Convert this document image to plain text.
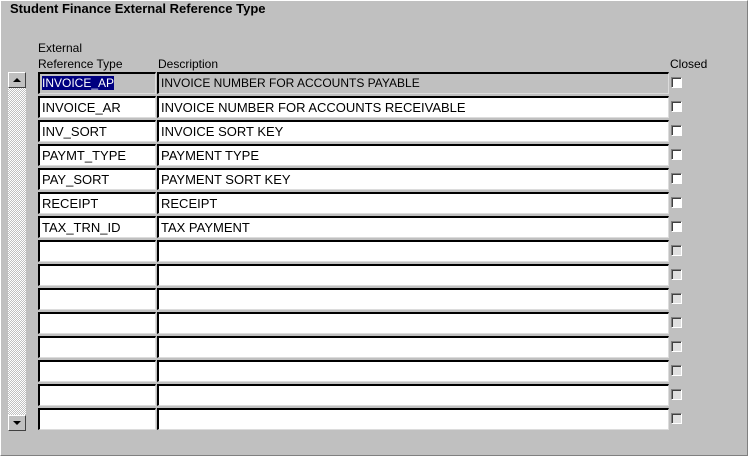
Student Finance External Reference Type
External
Reference Type	Description	Closed
INVOICE_AP	INVOICE NUMBER FOR ACCOUNTS PAYABLE
INVOICE_AR	INVOICE NUMBER FOR ACCOUNTS RECEIVABLE
INV_SORT	INVOICE SORT KEY
PAYMT_TYPE	PAYMENT TYPE
PAY_SORT	PAYMENT SORT KEY
RECEIPT	RECEIPT
TAX_TRN_ID	TAX PAYMENT
